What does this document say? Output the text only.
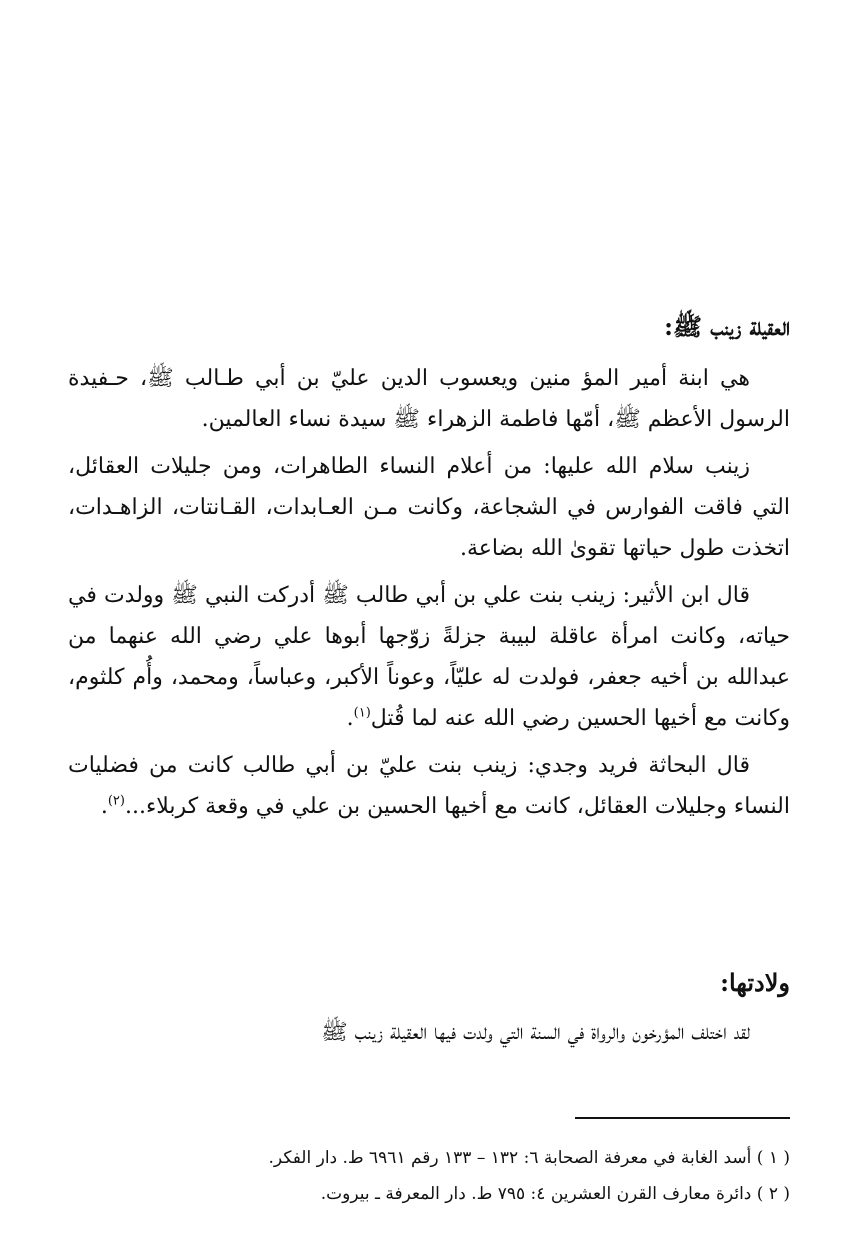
العقيلة زينب ﷺ:

هي ابنة أمير المؤ منين ويعسوب الدين عليّ بن أبي طـالب ﷺ، حـفيدة الرسول الأعظم ﷺ، أمّها فاطمة الزهراء ﷺ سيدة نساء العالمين.

زينب سلام الله عليها: من أعلام النساء الطاهرات، ومن جليلات العقائل، التي فاقت الفوارس في الشجاعة، وكانت مـن العـابدات، القـانتات، الزاهـدات، اتخذت طول حياتها تقوىٰ الله بضاعة.

قال ابن الأثير: زينب بنت علي بن أبي طالب ﷺ أدركت النبي ﷺ وولدت في حياته، وكانت امرأة عاقلة لبيبة جزلةً زوّجها أبوها علي رضي الله عنهما من عبدالله بن أخيه جعفر، فولدت له عليّاً، وعوناً الأكبر، وعباساً، ومحمد، وأُم كلثوم، وكانت مع أخيها الحسين رضي الله عنه لما قُتل$^{(١)}$.

قال البحاثة فريد وجدي: زينب بنت عليّ بن أبي طالب كانت من فضليات النساء وجليلات العقائل، كانت مع أخيها الحسين بن علي في وقعة كربلاء...$^{(٢)}$.

ولادتها:

لقد اختلف المؤرخون والرواة في السنة التي ولدت فيها العقيلة زينب ﷺ

( ١ ) أسد الغابة في معرفة الصحابة ٦: ١٣٢ – ١٣٣ رقم ٦٩٦١ ط. دار الفكر.
( ٢ ) دائرة معارف القرن العشرين ٤: ٧٩٥ ط. دار المعرفة ـ بيروت.
